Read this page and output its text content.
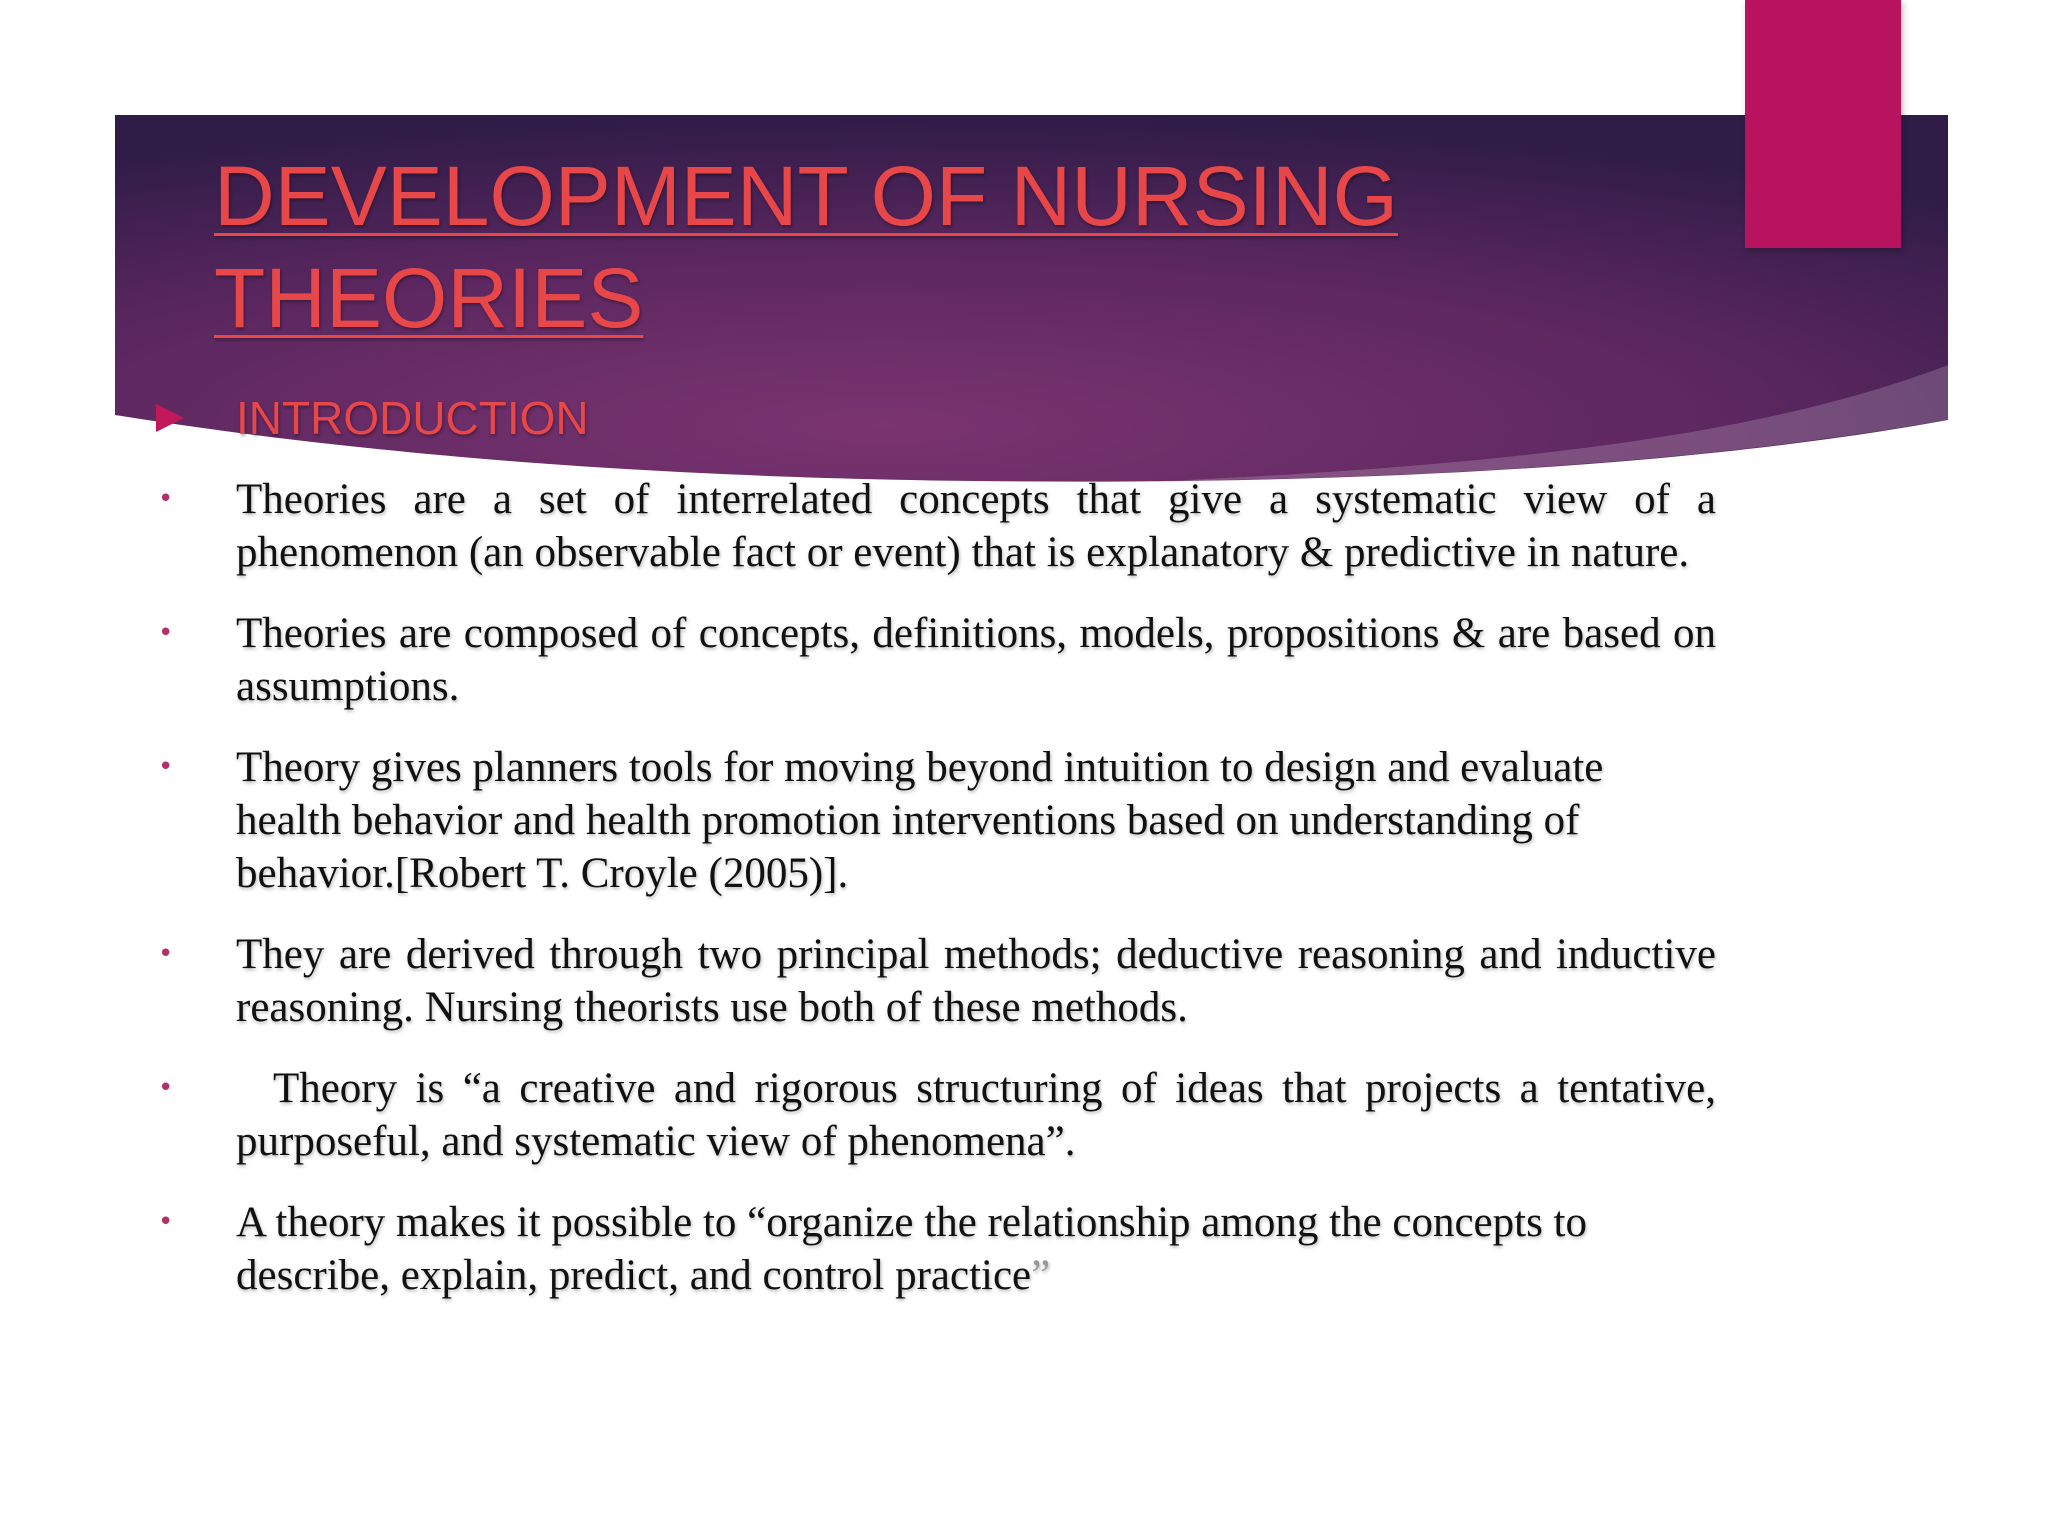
DEVELOPMENT OF NURSING THEORIES
INTRODUCTION
• Theories are a set of interrelated concepts that give a systematic view of a phenomenon (an observable fact or event) that is explanatory & predictive in nature.
• Theories are composed of concepts, definitions, models, propositions & are based on assumptions.
• Theory gives planners tools for moving beyond intuition to design and evaluate health behavior and health promotion interventions based on understanding of behavior.[Robert T. Croyle (2005)].
• They are derived through two principal methods; deductive reasoning and inductive reasoning. Nursing theorists use both of these methods.
• Theory is “a creative and rigorous structuring of ideas that projects a tentative, purposeful, and systematic view of phenomena”.
• A theory makes it possible to “organize the relationship among the concepts to describe, explain, predict, and control practice”
